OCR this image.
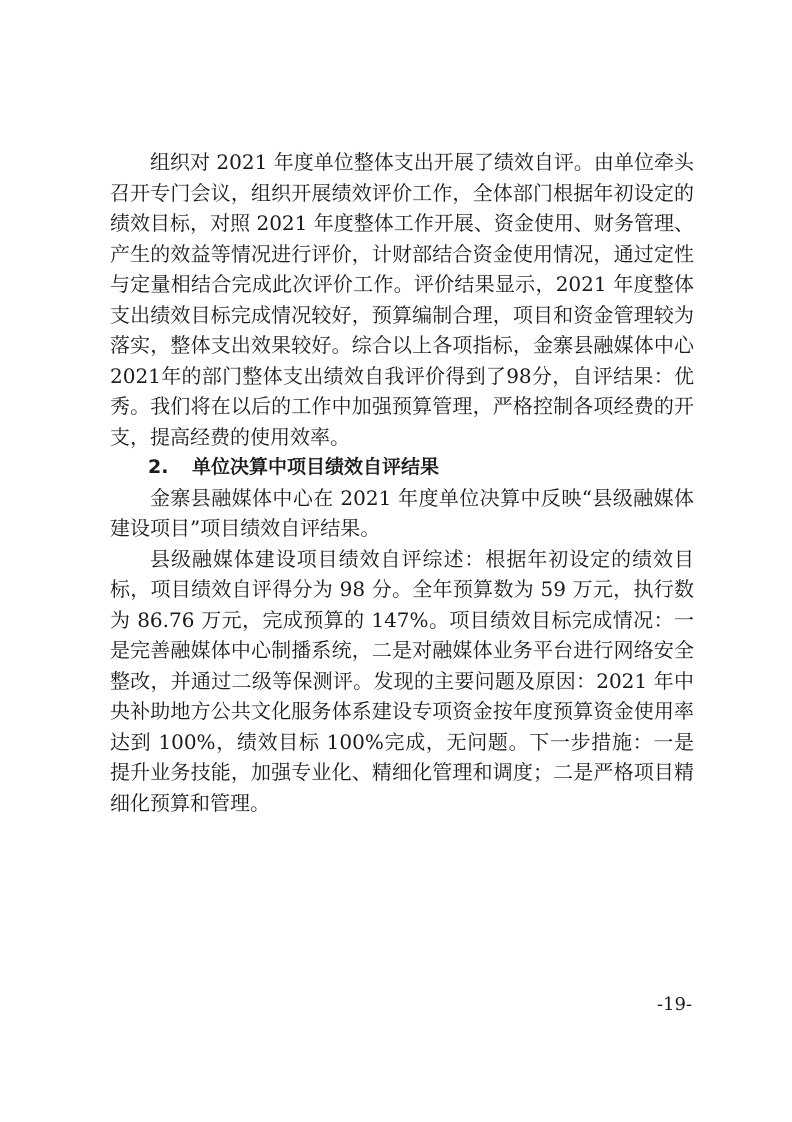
组织对 2021 年度单位整体支出开展了绩效自评。由单位牵头召开专门会议，组织开展绩效评价工作，全体部门根据年初设定的绩效目标，对照 2021 年度整体工作开展、资金使用、财务管理、产生的效益等情况进行评价，计财部结合资金使用情况，通过定性与定量相结合完成此次评价工作。评价结果显示，2021 年度整体支出绩效目标完成情况较好，预算编制合理，项目和资金管理较为落实，整体支出效果较好。综合以上各项指标，金寨县融媒体中心2021年的部门整体支出绩效自我评价得到了98分，自评结果：优秀。我们将在以后的工作中加强预算管理，严格控制各项经费的开支，提高经费的使用效率。

2. 单位决算中项目绩效自评结果

金寨县融媒体中心在 2021 年度单位决算中反映“县级融媒体建设项目”项目绩效自评结果。

县级融媒体建设项目绩效自评综述：根据年初设定的绩效目标，项目绩效自评得分为 98 分。全年预算数为 59 万元，执行数为 86.76 万元，完成预算的 147%。项目绩效目标完成情况：一是完善融媒体中心制播系统，二是对融媒体业务平台进行网络安全整改，并通过二级等保测评。发现的主要问题及原因：2021 年中央补助地方公共文化服务体系建设专项资金按年度预算资金使用率达到 100%，绩效目标 100%完成，无问题。下一步措施：一是提升业务技能，加强专业化、精细化管理和调度；二是严格项目精细化预算和管理。

-19-
